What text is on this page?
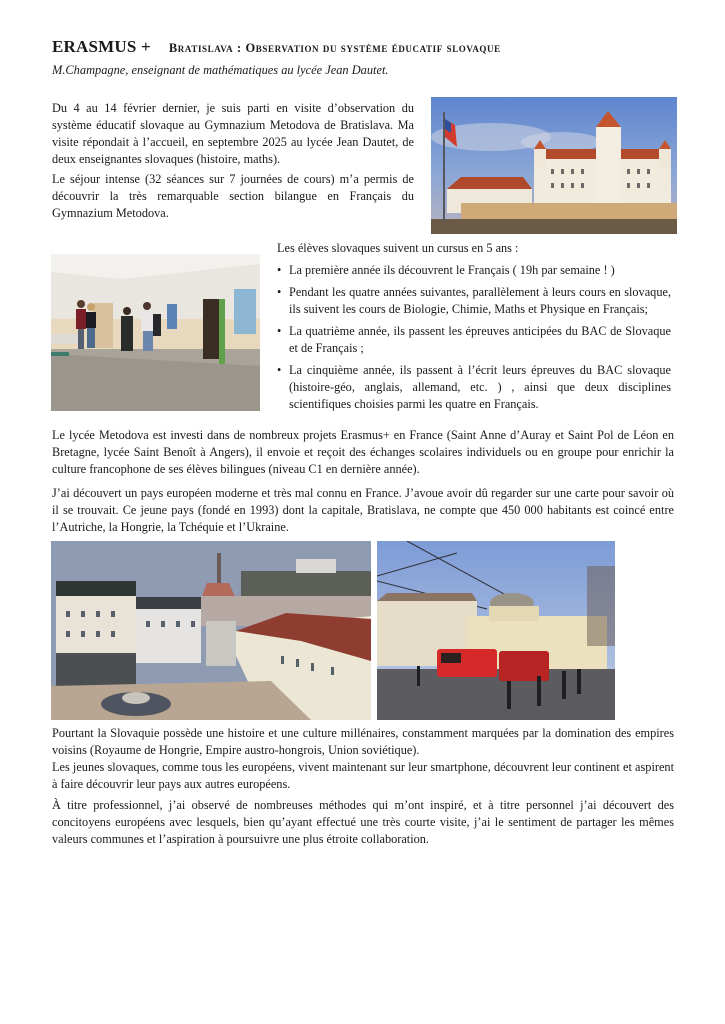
ERASMUS + Bratislava : Observation du système éducatif slovaque
M.Champagne, enseignant de mathématiques au lycée Jean Dautet.

Du 4 au 14 février dernier, je suis parti en visite d’observation du système éducatif slovaque au Gymnazium Metodova de Bratislava. Ma visite répondait à l’accueil, en septembre 2025 au lycée Jean Dautet, de deux enseignantes slovaques (histoire, maths).

Le séjour intense (32 séances sur 7 journées de cours) m’a permis de découvrir la très remarquable section bilangue en Français du Gymnazium Metodova.

Les élèves slovaques suivent un cursus en 5 ans :

• La première année ils découvrent le Français ( 19h par semaine ! )
• Pendant les quatre années suivantes, parallèlement à leurs cours en slovaque, ils suivent les cours de Biologie, Chimie, Maths et Physique en Français;
• La quatrième année, ils passent les épreuves anticipées du BAC de Slovaque et de Français ;
• La cinquième année, ils passent à l’écrit leurs épreuves du BAC slovaque (histoire-géo, anglais, allemand, etc. ) , ainsi que deux disciplines scientifiques choisies parmi les quatre en Français.

Le lycée Metodova est investi dans de nombreux projets Erasmus+ en France (Saint Anne d’Auray et Saint Pol de Léon en Bretagne, lycée Saint Benoît à Angers), il envoie et reçoit des échanges scolaires individuels ou en groupe pour enrichir la culture francophone de ses élèves bilingues (niveau C1 en dernière année).

J’ai découvert un pays européen moderne et très mal connu en France. J’avoue avoir dû regarder sur une carte pour savoir où il se trouvait. Ce jeune pays (fondé en 1993) dont la capitale, Bratislava, ne compte que 450 000 habitants est coincé entre l’Autriche, la Hongrie, la Tchéquie et l’Ukraine.

Pourtant la Slovaquie possède une histoire et une culture millénaires, constamment marquées par la domination des empires voisins (Royaume de Hongrie, Empire austro-hongrois, Union soviétique).
Les jeunes slovaques, comme tous les européens, vivent maintenant sur leur smartphone, découvrent leur continent et aspirent à faire découvrir leur pays aux autres européens.

À titre professionnel, j’ai observé de nombreuses méthodes qui m’ont inspiré, et à titre personnel j’ai découvert des concitoyens européens avec lesquels, bien qu’ayant effectué une très courte visite, j’ai le sentiment de partager les mêmes valeurs communes et l’aspiration à poursuivre une plus étroite collaboration.
